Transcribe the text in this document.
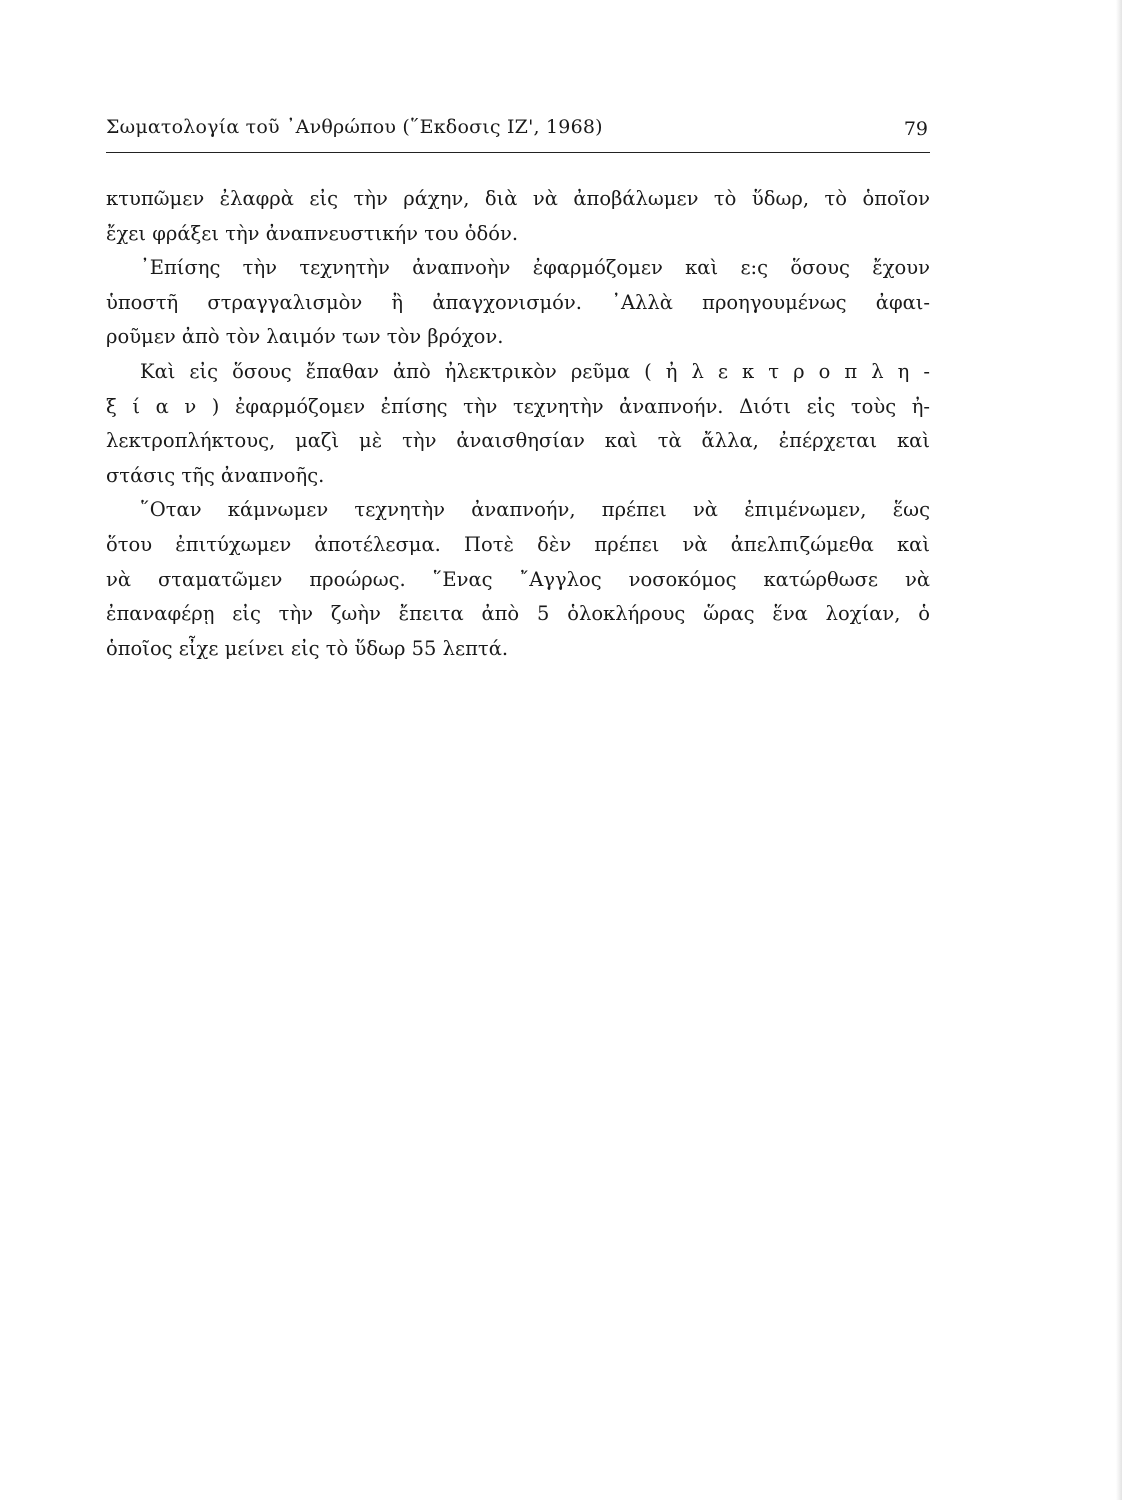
Σωματολογία τοῦ ᾿Ανθρώπου (῞Εκδοσις ΙΖ', 1968)	79
κτυπῶμεν ἐλαφρὰ εἰς τὴν ράχην, διὰ νὰ ἀποβάλωμεν τὸ ὕδωρ, τὸ ὁποῖον
ἔχει φράξει τὴν ἀναπνευστικήν του ὁδόν.
᾿Επίσης τὴν τεχνητὴν ἀναπνοὴν ἐφαρμόζομεν καὶ ε:ς ὅσους ἔχουν
ὑποστῆ στραγγαλισμὸν ἢ ἀπαγχονισμόν. ᾿Αλλὰ προηγουμένως ἀφαι-
ροῦμεν ἀπὸ τὸν λαιμόν των τὸν βρόχον.
Καὶ εἰς ὅσους ἔπαθαν ἀπὸ ἠλεκτρικὸν ρεῦμα ( ἠ λ ε κ τ ρ ο π λ η -
ξ ί α ν ) ἐφαρμόζομεν ἐπίσης τὴν τεχνητὴν ἀναπνοήν. Διότι εἰς τοὺς ἠ-
λεκτροπλήκτους, μαζὶ μὲ τὴν ἀναισθησίαν καὶ τὰ ἄλλα, ἐπέρχεται καὶ
στάσις τῆς ἀναπνοῆς.
῞Οταν κάμνωμεν τεχνητὴν ἀναπνοήν, πρέπει νὰ ἐπιμένωμεν, ἕως
ὅτου ἐπιτύχωμεν ἀποτέλεσμα. Ποτὲ δὲν πρέπει νὰ ἀπελπιζώμεθα καὶ
νὰ σταματῶμεν προώρως. ῞Ενας ῎Αγγλος νοσοκόμος κατώρθωσε νὰ
ἐπαναφέρῃ εἰς τὴν ζωὴν ἔπειτα ἀπὸ 5 ὁλοκλήρους ὥρας ἕνα λοχίαν, ὁ
ὁποῖος εἶχε μείνει εἰς τὸ ὕδωρ 55 λεπτά.
